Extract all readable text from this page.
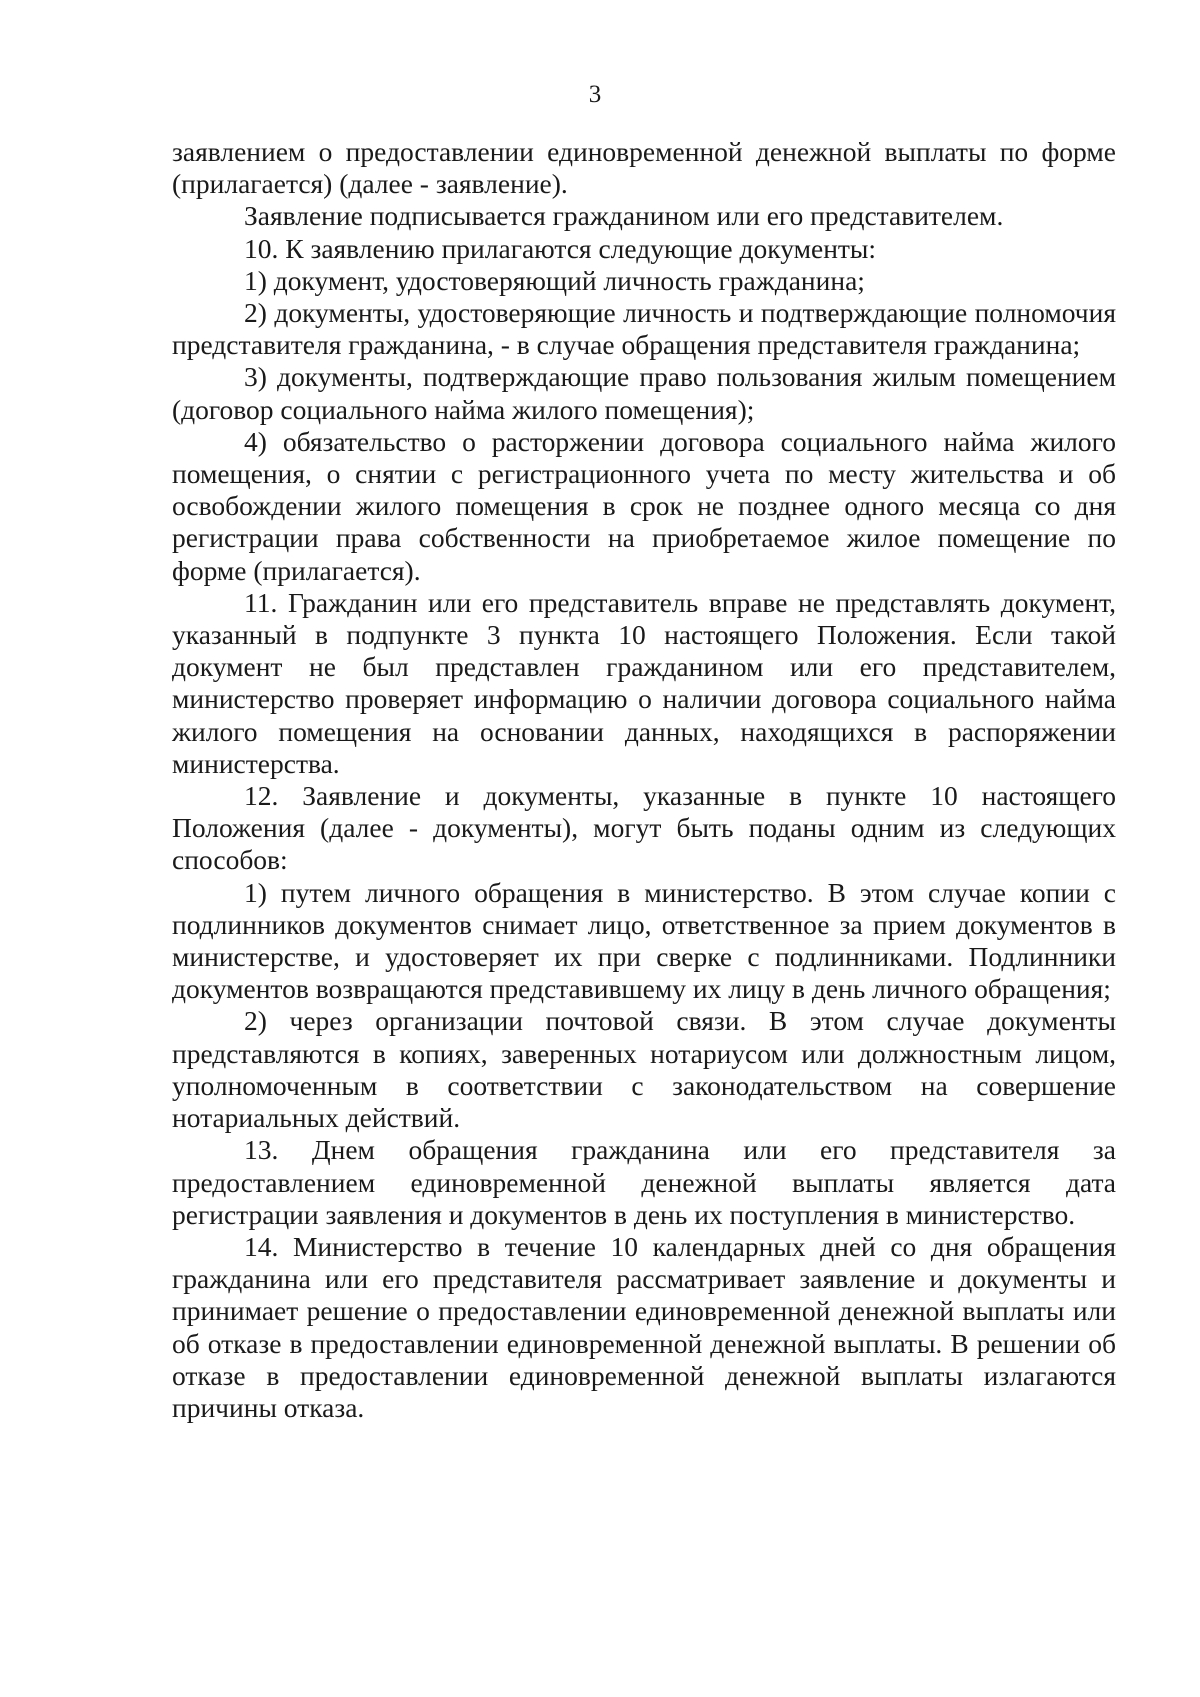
3

заявлением о предоставлении единовременной денежной выплаты по форме (прилагается) (далее - заявление).

Заявление подписывается гражданином или его представителем.

10. К заявлению прилагаются следующие документы:

1) документ, удостоверяющий личность гражданина;

2) документы, удостоверяющие личность и подтверждающие полномочия представителя гражданина, - в случае обращения представителя гражданина;

3) документы, подтверждающие право пользования жилым помещением (договор социального найма жилого помещения);

4) обязательство о расторжении договора социального найма жилого помещения, о снятии с регистрационного учета по месту жительства и об освобождении жилого помещения в срок не позднее одного месяца со дня регистрации права собственности на приобретаемое жилое помещение по форме (прилагается).

11. Гражданин или его представитель вправе не представлять документ, указанный в подпункте 3 пункта 10 настоящего Положения. Если такой документ не был представлен гражданином или его представителем, министерство проверяет информацию о наличии договора социального найма жилого помещения на основании данных, находящихся в распоряжении министерства.

12. Заявление и документы, указанные в пункте 10 настоящего Положения (далее - документы), могут быть поданы одним из следующих способов:

1) путем личного обращения в министерство. В этом случае копии с подлинников документов снимает лицо, ответственное за прием документов в министерстве, и удостоверяет их при сверке с подлинниками. Подлинники документов возвращаются представившему их лицу в день личного обращения;

2) через организации почтовой связи. В этом случае документы представляются в копиях, заверенных нотариусом или должностным лицом, уполномоченным в соответствии с законодательством на совершение нотариальных действий.

13. Днем обращения гражданина или его представителя за предоставлением единовременной денежной выплаты является дата регистрации заявления и документов в день их поступления в министерство.

14. Министерство в течение 10 календарных дней со дня обращения гражданина или его представителя рассматривает заявление и документы и принимает решение о предоставлении единовременной денежной выплаты или об отказе в предоставлении единовременной денежной выплаты. В решении об отказе в предоставлении единовременной денежной выплаты излагаются причины отказа.
